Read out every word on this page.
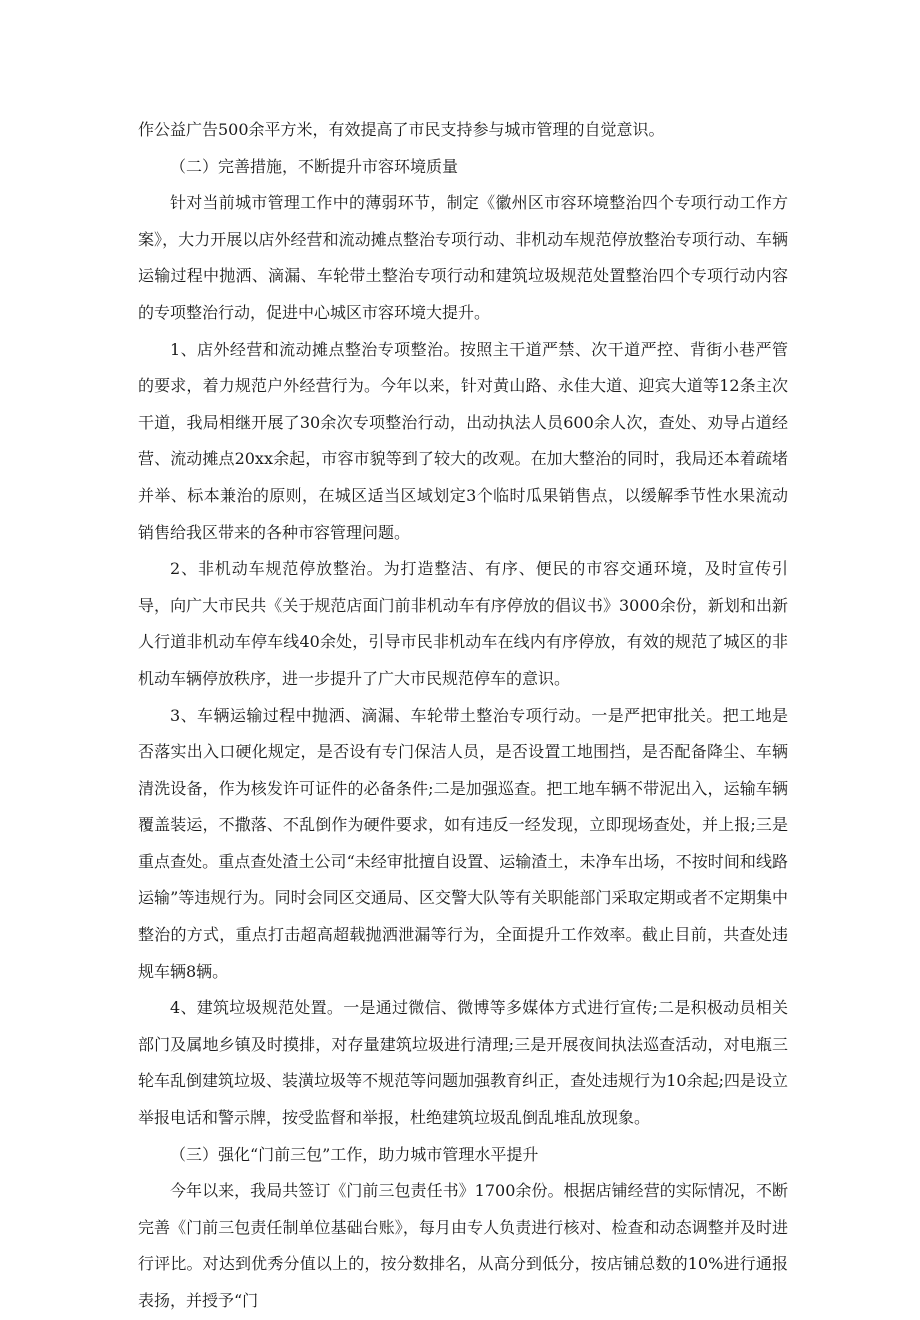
作公益广告500余平方米，有效提高了市民支持参与城市管理的自觉意识。

（二）完善措施，不断提升市容环境质量

针对当前城市管理工作中的薄弱环节，制定《徽州区市容环境整治四个专项行动工作方案》，大力开展以店外经营和流动摊点整治专项行动、非机动车规范停放整治专项行动、车辆运输过程中抛洒、滴漏、车轮带土整治专项行动和建筑垃圾规范处置整治四个专项行动内容的专项整治行动，促进中心城区市容环境大提升。

1、店外经营和流动摊点整治专项整治。按照主干道严禁、次干道严控、背街小巷严管的要求，着力规范户外经营行为。今年以来，针对黄山路、永佳大道、迎宾大道等12条主次干道，我局相继开展了30余次专项整治行动，出动执法人员600余人次，查处、劝导占道经营、流动摊点20xx余起，市容市貌等到了较大的改观。在加大整治的同时，我局还本着疏堵并举、标本兼治的原则，在城区适当区域划定3个临时瓜果销售点，以缓解季节性水果流动销售给我区带来的各种市容管理问题。

2、非机动车规范停放整治。为打造整洁、有序、便民的市容交通环境，及时宣传引导，向广大市民共《关于规范店面门前非机动车有序停放的倡议书》3000余份，新划和出新人行道非机动车停车线40余处，引导市民非机动车在线内有序停放，有效的规范了城区的非机动车辆停放秩序，进一步提升了广大市民规范停车的意识。

3、车辆运输过程中抛洒、滴漏、车轮带土整治专项行动。一是严把审批关。把工地是否落实出入口硬化规定，是否设有专门保洁人员，是否设置工地围挡，是否配备降尘、车辆清洗设备，作为核发许可证件的必备条件;二是加强巡查。把工地车辆不带泥出入，运输车辆覆盖装运，不撒落、不乱倒作为硬件要求，如有违反一经发现，立即现场查处，并上报;三是重点查处。重点查处渣土公司“未经审批擅自设置、运输渣土，未净车出场，不按时间和线路运输”等违规行为。同时会同区交通局、区交警大队等有关职能部门采取定期或者不定期集中整治的方式，重点打击超高超载抛洒泄漏等行为，全面提升工作效率。截止目前，共查处违规车辆8辆。

4、建筑垃圾规范处置。一是通过微信、微博等多媒体方式进行宣传;二是积极动员相关部门及属地乡镇及时摸排，对存量建筑垃圾进行清理;三是开展夜间执法巡查活动，对电瓶三轮车乱倒建筑垃圾、装潢垃圾等不规范等问题加强教育纠正，查处违规行为10余起;四是设立举报电话和警示牌，按受监督和举报，杜绝建筑垃圾乱倒乱堆乱放现象。

（三）强化“门前三包”工作，助力城市管理水平提升

今年以来，我局共签订《门前三包责任书》1700余份。根据店铺经营的实际情况，不断完善《门前三包责任制单位基础台账》，每月由专人负责进行核对、检查和动态调整并及时进行评比。对达到优秀分值以上的，按分数排名，从高分到低分，按店铺总数的10%进行通报表扬，并授予“门
